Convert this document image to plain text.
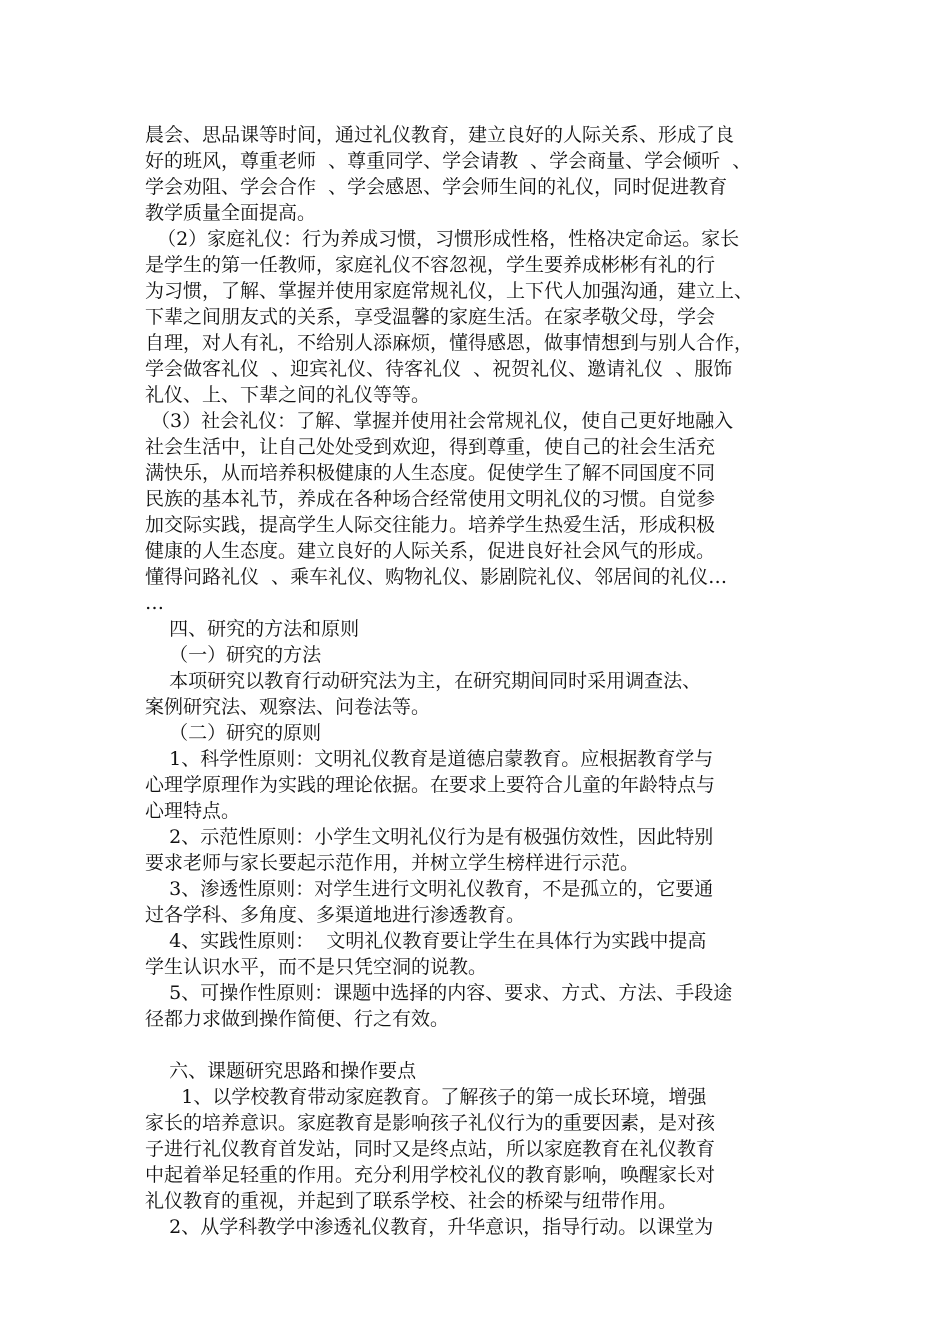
晨会、思品课等时间，通过礼仪教育，建立良好的人际关系、形成了良
好的班风，尊重老师  、尊重同学、学会请教  、学会商量、学会倾听  、
学会劝阻、学会合作  、学会感恩、学会师生间的礼仪，同时促进教育
教学质量全面提高。
（2）家庭礼仪：行为养成习惯，习惯形成性格，性格决定命运。家长
是学生的第一任教师，家庭礼仪不容忽视，学生要养成彬彬有礼的行
为习惯，了解、掌握并使用家庭常规礼仪，上下代人加强沟通，建立上、
下辈之间朋友式的关系，享受温馨的家庭生活。在家孝敬父母，学会
自理，对人有礼，不给别人添麻烦，懂得感恩，做事情想到与别人合作，
学会做客礼仪  、迎宾礼仪、待客礼仪  、祝贺礼仪、邀请礼仪  、服饰
礼仪、上、下辈之间的礼仪等等。
（3）社会礼仪：了解、掌握并使用社会常规礼仪，使自己更好地融入
社会生活中，让自己处处受到欢迎，得到尊重，使自己的社会生活充
满快乐，从而培养积极健康的人生态度。促使学生了解不同国度不同
民族的基本礼节，养成在各种场合经常使用文明礼仪的习惯。自觉参
加交际实践，提高学生人际交往能力。培养学生热爱生活，形成积极
健康的人生态度。建立良好的人际关系，促进良好社会风气的形成。
懂得问路礼仪  、乘车礼仪、购物礼仪、影剧院礼仪、邻居间的礼仪…
…
四、研究的方法和原则
（一）研究的方法
本项研究以教育行动研究法为主，在研究期间同时采用调查法、
案例研究法、观察法、问卷法等。
（二）研究的原则
1、科学性原则：文明礼仪教育是道德启蒙教育。应根据教育学与
心理学原理作为实践的理论依据。在要求上要符合儿童的年龄特点与
心理特点。
2、示范性原则：小学生文明礼仪行为是有极强仿效性，因此特别
要求老师与家长要起示范作用，并树立学生榜样进行示范。
3、渗透性原则：对学生进行文明礼仪教育，不是孤立的，它要通
过各学科、多角度、多渠道地进行渗透教育。
4、实践性原则：  文明礼仪教育要让学生在具体行为实践中提高
学生认识水平，而不是只凭空洞的说教。
5、可操作性原则：课题中选择的内容、要求、方式、方法、手段途
径都力求做到操作简便、行之有效。
六、课题研究思路和操作要点
1、以学校教育带动家庭教育。了解孩子的第一成长环境，增强
家长的培养意识。家庭教育是影响孩子礼仪行为的重要因素，是对孩
子进行礼仪教育首发站，同时又是终点站，所以家庭教育在礼仪教育
中起着举足轻重的作用。充分利用学校礼仪的教育影响，唤醒家长对
礼仪教育的重视，并起到了联系学校、社会的桥梁与纽带作用。
2、从学科教学中渗透礼仪教育，升华意识，指导行动。以课堂为
